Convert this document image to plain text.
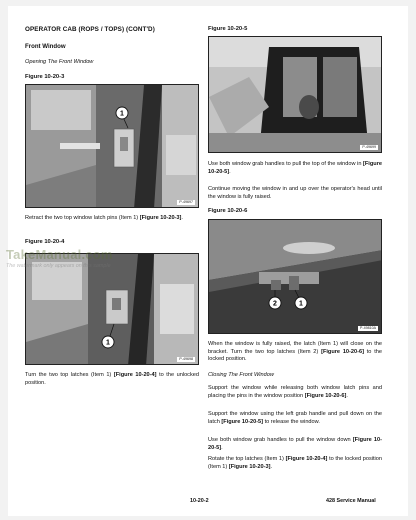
OPERATOR CAB (ROPS / TOPS) (CONT'D)
Front Window
Opening The Front Window
Figure 10-20-3
1
P-49697
Retract the two top window latch pins (Item 1) [Figure 10-20-3].
Figure 10-20-4
1
P-49698
Turn the two top latches (Item 1) [Figure 10-20-4] to the unlocked position.
Figure 10-20-5
P-49699
Use both window grab handles to pull the top of the window in [Figure 10-20-5].
Continue moving the window in and up over the operator's head until the window is fully raised.
Figure 10-20-6
2	1
P-49810A
When the window is fully raised, the latch (Item 1) will close on the bracket. Turn the two top latches (Item 2) [Figure 10-20-6] to the locked position.
Closing The Front Window
Support the window while releasing both window latch pins and placing the pins in the window position [Figure 10-20-6].
Support the window using the left grab handle and pull down on the latch [Figure 10-20-5] to release the window.
Use both window grab handles to pull the window down [Figure 10-20-5].
Rotate the top latches (Item 1) [Figure 10-20-4] to the locked position (Item 1) [Figure 10-20-3].
10-20-2	428 Service Manual
TakeManual.com
The watermark only appears on this sample
